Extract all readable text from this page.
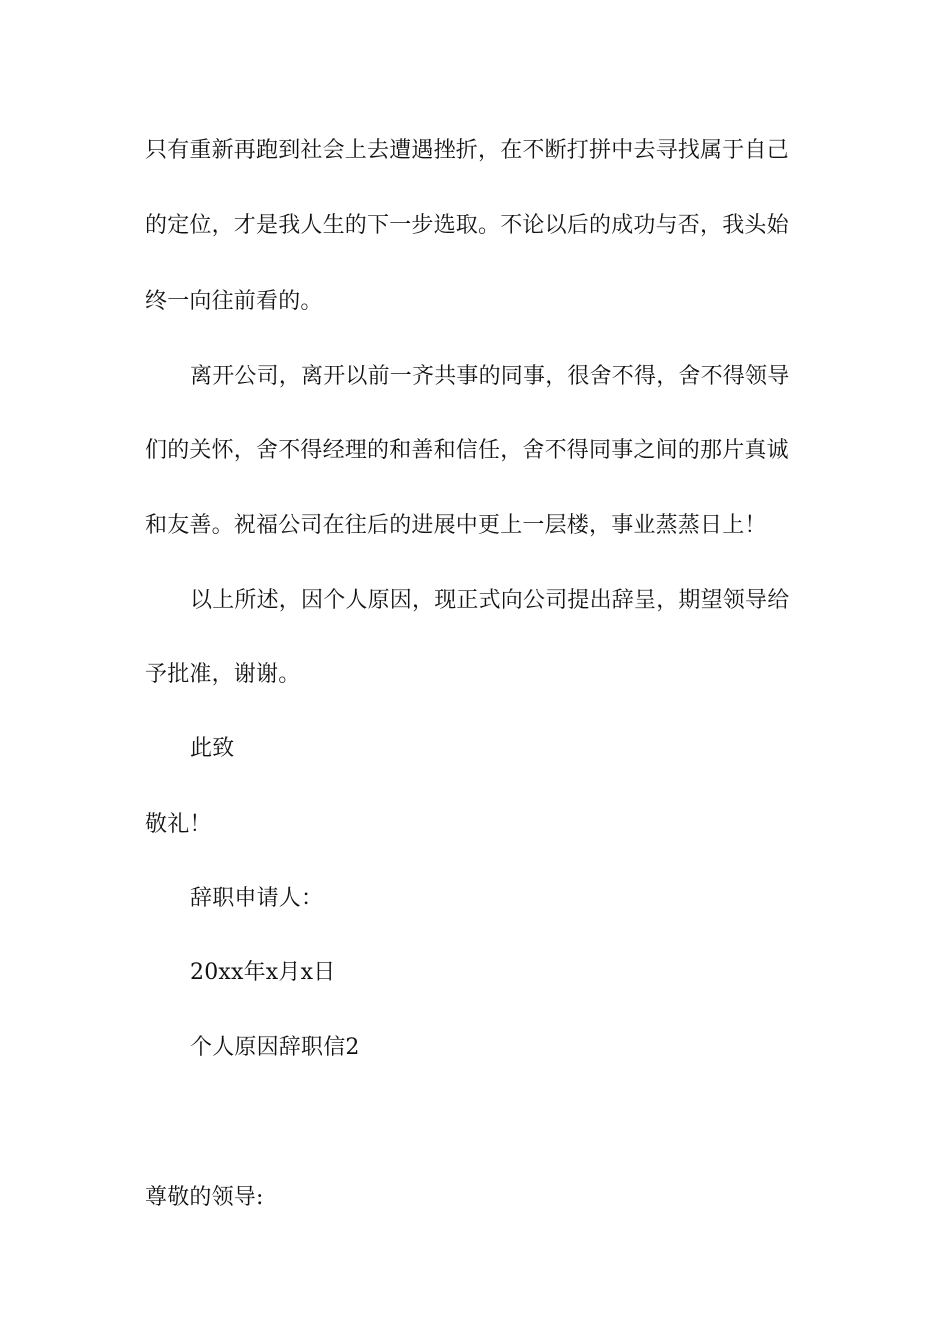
只有重新再跑到社会上去遭遇挫折，在不断打拼中去寻找属于自己
的定位，才是我人生的下一步选取。不论以后的成功与否，我头始
终一向往前看的。
离开公司，离开以前一齐共事的同事，很舍不得，舍不得领导
们的关怀，舍不得经理的和善和信任，舍不得同事之间的那片真诚
和友善。祝福公司在往后的进展中更上一层楼，事业蒸蒸日上！
以上所述，因个人原因，现正式向公司提出辞呈，期望领导给
予批准，谢谢。
此致
敬礼！
辞职申请人：
20xx年x月x日
个人原因辞职信2
尊敬的领导:
